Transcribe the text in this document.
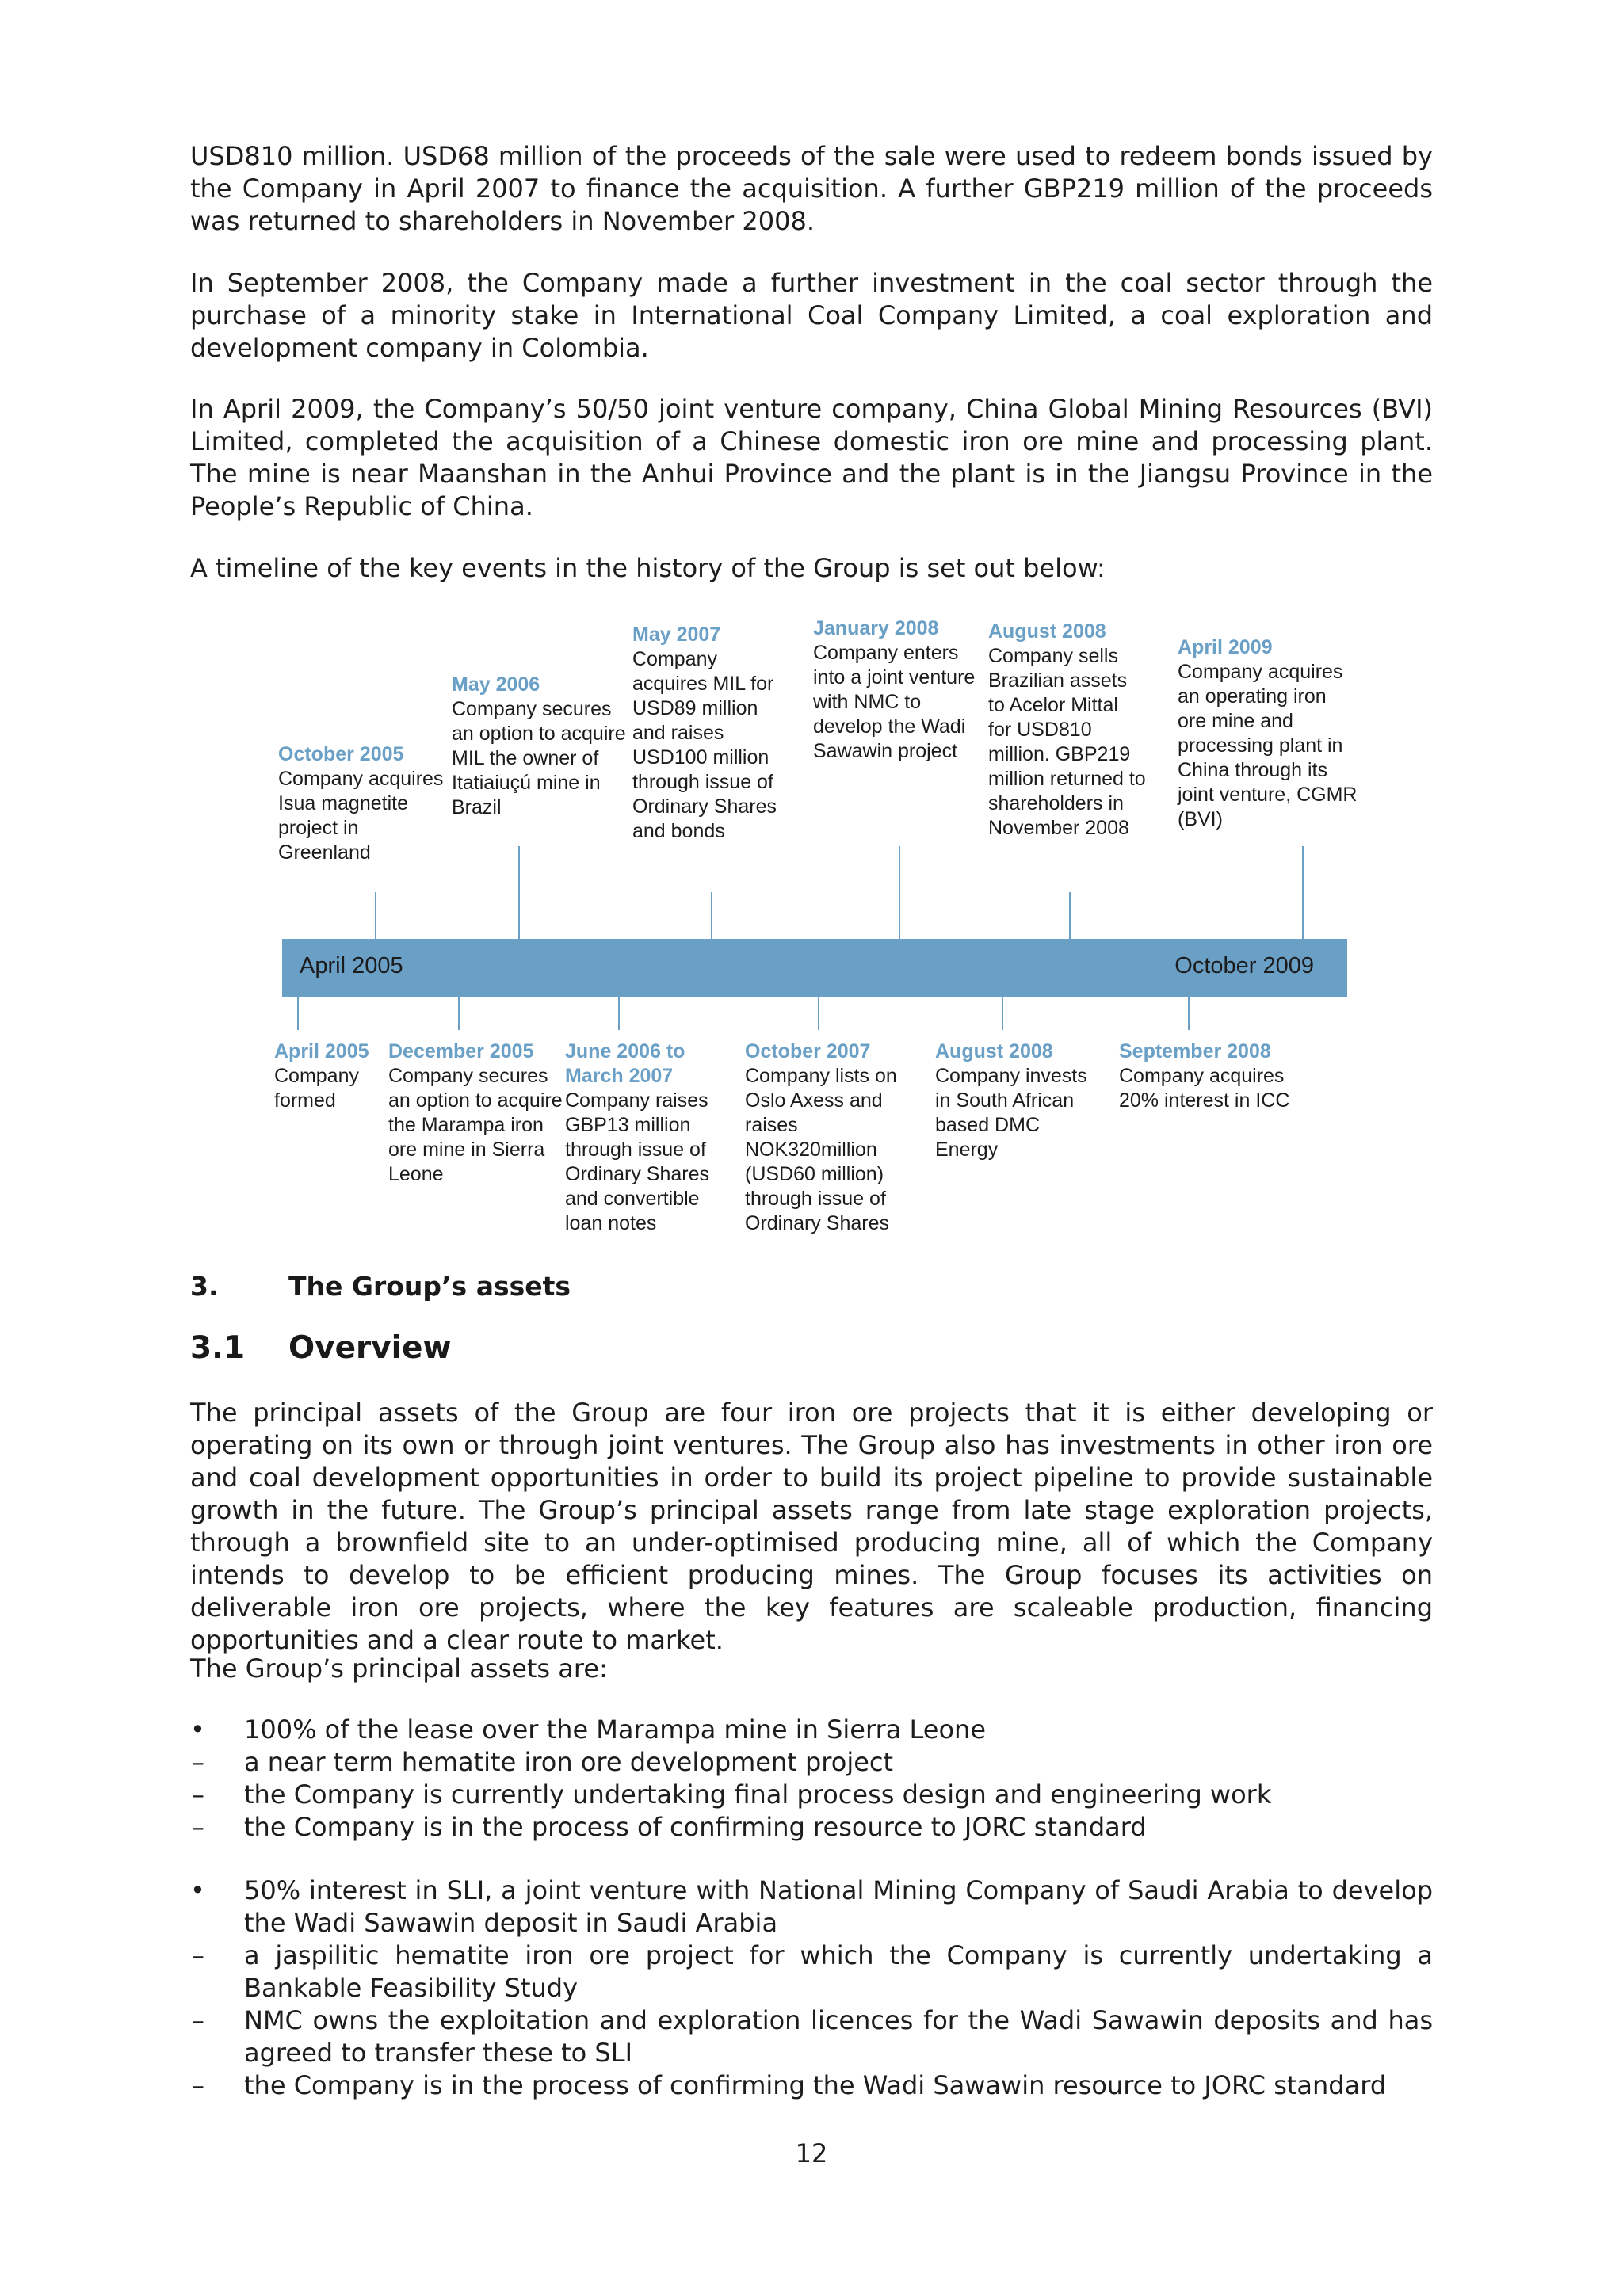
USD810 million. USD68 million of the proceeds of the sale were used to redeem bonds issued by the Company in April 2007 to finance the acquisition. A further GBP219 million of the proceeds was returned to shareholders in November 2008.

In September 2008, the Company made a further investment in the coal sector through the purchase of a minority stake in International Coal Company Limited, a coal exploration and development company in Colombia.

In April 2009, the Company’s 50/50 joint venture company, China Global Mining Resources (BVI) Limited, completed the acquisition of a Chinese domestic iron ore mine and processing plant. The mine is near Maanshan in the Anhui Province and the plant is in the Jiangsu Province in the People’s Republic of China.

A timeline of the key events in the history of the Group is set out below:

April 2005	October 2009
October 2005
Company acquires Isua magnetite project in Greenland
May 2006
Company secures an option to acquire MIL the owner of Itatiaiuçú mine in Brazil
May 2007
Company acquires MIL for USD89 million and raises USD100 million through issue of Ordinary Shares and bonds
January 2008
Company enters into a joint venture with NMC to develop the Wadi Sawawin project
August 2008
Company sells Brazilian assets to Acelor Mittal for USD810 million. GBP219 million returned to shareholders in November 2008
April 2009
Company acquires an operating iron ore mine and processing plant in China through its joint venture, CGMR (BVI)
April 2005
Company formed
December 2005
Company secures an option to acquire the Marampa iron ore mine in Sierra Leone
June 2006 to March 2007
Company raises GBP13 million through issue of Ordinary Shares and convertible loan notes
October 2007
Company lists on Oslo Axess and raises NOK320million (USD60 million) through issue of Ordinary Shares
August 2008
Company invests in South African based DMC Energy
September 2008
Company acquires 20% interest in ICC
3.	The Group’s assets
3.1 Overview

The principal assets of the Group are four iron ore projects that it is either developing or operating on its own or through joint ventures. The Group also has investments in other iron ore and coal development opportunities in order to build its project pipeline to provide sustainable growth in the future. The Group’s principal assets range from late stage exploration projects, through a brownfield site to an under-optimised producing mine, all of which the Company intends to develop to be efficient producing mines. The Group focuses its activities on deliverable iron ore projects, where the key features are scaleable production, financing opportunities and a clear route to market.

The Group’s principal assets are:

• 100% of the lease over the Marampa mine in Sierra Leone
– a near term hematite iron ore development project
– the Company is currently undertaking final process design and engineering work
– the Company is in the process of confirming resource to JORC standard
• 50% interest in SLI, a joint venture with National Mining Company of Saudi Arabia to develop the Wadi Sawawin deposit in Saudi Arabia
– a jaspilitic hematite iron ore project for which the Company is currently undertaking a Bankable Feasibility Study
– NMC owns the exploitation and exploration licences for the Wadi Sawawin deposits and has agreed to transfer these to SLI
– the Company is in the process of confirming the Wadi Sawawin resource to JORC standard
12
